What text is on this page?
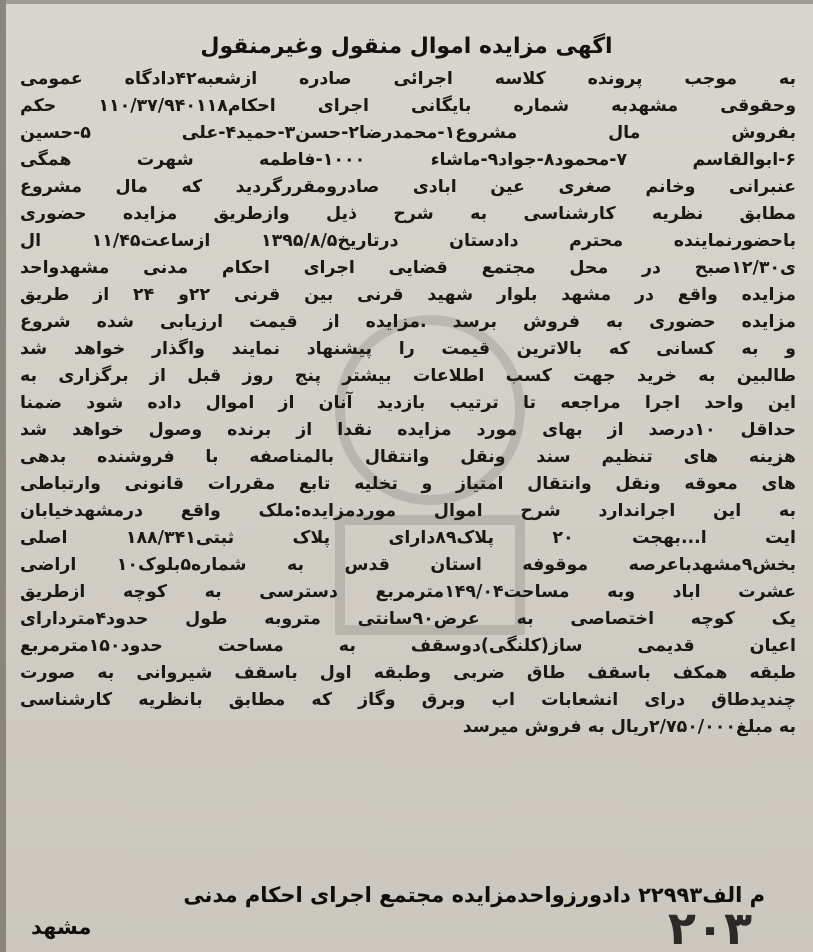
اگهی مزایده اموال منقول وغیرمنقول
به موجب پرونده کلاسه اجرائی صادره ازشعبه۴۲دادگاه عمومی
وحقوقی مشهدبه شماره بایگانی اجرای احکام۱۱۰/۳۷/۹۴۰۱۱۸ حکم
بفروش مال مشروع۱-محمدرضا۲-حسن۳-حمید۴-علی ۵-حسین
۶-ابوالقاسم ۷-محمود۸-جواد۹-ماشاء ۱۰۰۰-فاطمه شهرت همگی
عنبرانی وخانم صغری عین ابادی صادرومقررگردید که مال مشروع
مطابق نظریه کارشناسی به شرح ذیل وازطریق مزایده حضوری
باحضورنماینده محترم دادستان درتاریخ۱۳۹۵/۸/۵ ازساعت۱۱/۴۵ ال
ی۱۲/۳۰صبح در محل مجتمع قضایی اجرای احکام مدنی مشهدواحد
مزایده واقع در مشهد بلوار شهید قرنی بین قرنی ۲۲و ۲۴ از طریق
مزایده حضوری به فروش برسد .مزایده از قیمت ارزیابی شده شروع
و به کسانی که بالاترین قیمت را پیشنهاد نمایند واگذار خواهد شد
طالبین به خرید جهت کسب اطلاعات بیشتر پنج روز قبل از برگزاری به
این واحد اجرا مراجعه تا ترتیب بازدید آنان از اموال داده شود ضمنا
حداقل ۱۰درصد از بهای مورد مزایده نقدا از برنده وصول خواهد شد
هزینه های تنظیم سند ونقل وانتقال بالمناصفه با فروشنده بدهی
های معوقه ونقل وانتقال امتیاز و تخلیه تابع مقررات قانونی وارتباطی
به این اجراندارد شرح اموال موردمزایده:ملک واقع درمشهدخیابان
ایت ا...بهجت ۲۰ پلاک۸۹دارای پلاک ثبتی۱۸۸/۳۴۱ اصلی
بخش۹مشهدباعرصه موقوفه استان قدس به شماره۵بلوک۱۰ اراضی
عشرت اباد وبه مساحت۱۴۹/۰۴مترمربع دسترسی به کوچه ازطریق
یک کوچه اختصاصی به عرض۹۰سانتی متروبه طول حدود۴متردارای
اعیان قدیمی ساز(کلنگی)دوسقف به مساحت حدود۱۵۰مترمربع
طبقه همکف باسقف طاق ضربی وطبقه اول باسقف شیروانی به صورت
چندیدطاق درای انشعابات اب وبرق وگاز که مطابق بانظریه کارشناسی
به مبلغ۲/۷۵۰/۰۰۰ریال به فروش میرسد
م الف۲۲۹۹۳ دادورزواحدمزایده مجتمع اجرای احکام مدنی
مشهد	۲۰۳
